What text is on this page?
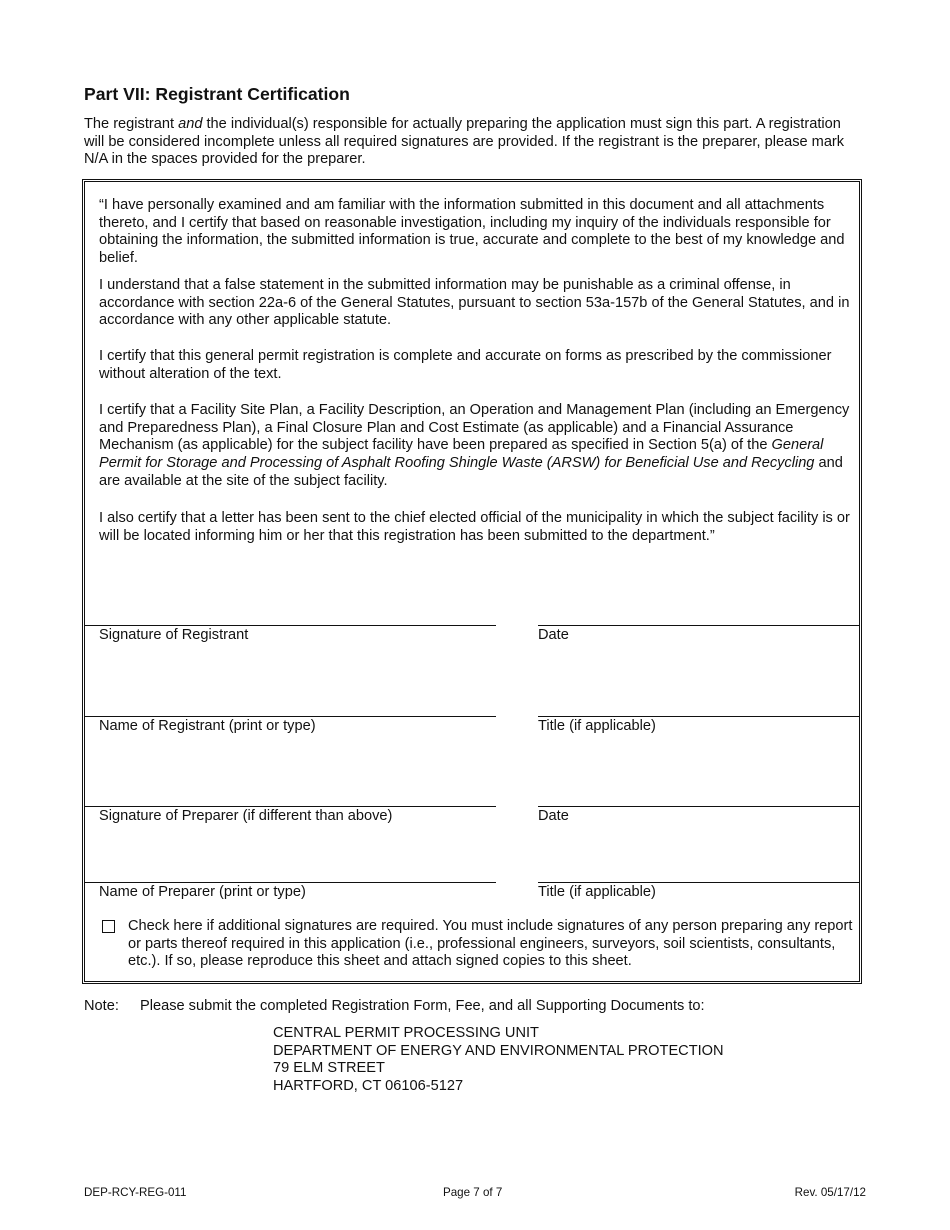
Part VII: Registrant Certification

The registrant and the individual(s) responsible for actually preparing the application must sign this part. A registration will be considered incomplete unless all required signatures are provided. If the registrant is the preparer, please mark N/A in the spaces provided for the preparer.

“I have personally examined and am familiar with the information submitted in this document and all attachments thereto, and I certify that based on reasonable investigation, including my inquiry of the individuals responsible for obtaining the information, the submitted information is true, accurate and complete to the best of my knowledge and belief.

I understand that a false statement in the submitted information may be punishable as a criminal offense, in accordance with section 22a-6 of the General Statutes, pursuant to section 53a-157b of the General Statutes, and in accordance with any other applicable statute.

I certify that this general permit registration is complete and accurate on forms as prescribed by the commissioner without alteration of the text.

I certify that a Facility Site Plan, a Facility Description, an Operation and Management Plan (including an Emergency and Preparedness Plan), a Final Closure Plan and Cost Estimate (as applicable) and a Financial Assurance Mechanism (as applicable) for the subject facility have been prepared as specified in Section 5(a) of the General Permit for Storage and Processing of Asphalt Roofing Shingle Waste (ARSW) for Beneficial Use and Recycling and are available at the site of the subject facility.

I also certify that a letter has been sent to the chief elected official of the municipality in which the subject facility is or will be located informing him or her that this registration has been submitted to the department.”

Signature of Registrant	Date

Name of Registrant (print or type)	Title (if applicable)

Signature of Preparer (if different than above)	Date

Name of Preparer (print or type)	Title (if applicable)

Check here if additional signatures are required. You must include signatures of any person preparing any report or parts thereof required in this application (i.e., professional engineers, surveyors, soil scientists, consultants, etc.). If so, please reproduce this sheet and attach signed copies to this sheet.

Note: Please submit the completed Registration Form, Fee, and all Supporting Documents to:

CENTRAL PERMIT PROCESSING UNIT
DEPARTMENT OF ENERGY AND ENVIRONMENTAL PROTECTION
79 ELM STREET
HARTFORD, CT 06106-5127

DEP-RCY-REG-011	Page 7 of 7	Rev. 05/17/12
